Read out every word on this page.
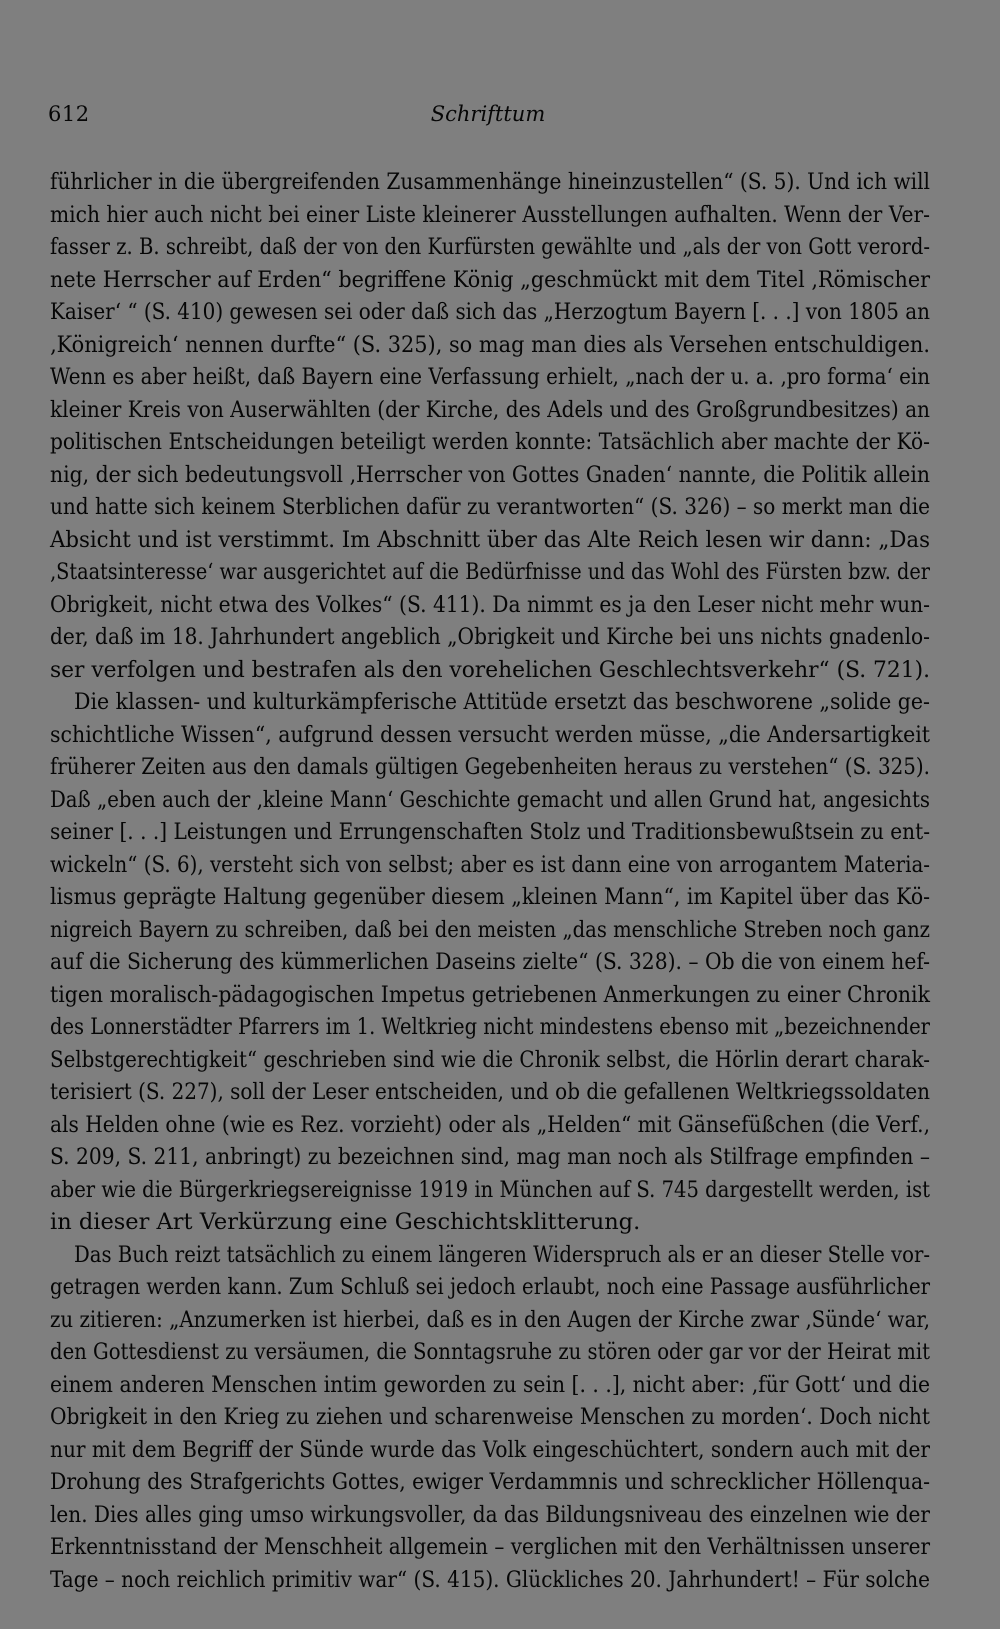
612	Schrifttum
führlicher in die übergreifenden Zusammenhänge hineinzustellen“ (S. 5). Und ich will
mich hier auch nicht bei einer Liste kleinerer Ausstellungen aufhalten. Wenn der Ver-
fasser z. B. schreibt, daß der von den Kurfürsten gewählte und „als der von Gott verord-
nete Herrscher auf Erden“ begriffene König „geschmückt mit dem Titel ‚Römischer
Kaiser‘ “ (S. 410) gewesen sei oder daß sich das „Herzogtum Bayern [. . .] von 1805 an
‚Königreich‘ nennen durfte“ (S. 325), so mag man dies als Versehen entschuldigen.
Wenn es aber heißt, daß Bayern eine Verfassung erhielt, „nach der u. a. ‚pro forma‘ ein
kleiner Kreis von Auserwählten (der Kirche, des Adels und des Großgrundbesitzes) an
politischen Entscheidungen beteiligt werden konnte: Tatsächlich aber machte der Kö-
nig, der sich bedeutungsvoll ‚Herrscher von Gottes Gnaden‘ nannte, die Politik allein
und hatte sich keinem Sterblichen dafür zu verantworten“ (S. 326) – so merkt man die
Absicht und ist verstimmt. Im Abschnitt über das Alte Reich lesen wir dann: „Das
‚Staatsinteresse‘ war ausgerichtet auf die Bedürfnisse und das Wohl des Fürsten bzw. der
Obrigkeit, nicht etwa des Volkes“ (S. 411). Da nimmt es ja den Leser nicht mehr wun-
der, daß im 18. Jahrhundert angeblich „Obrigkeit und Kirche bei uns nichts gnadenlo-
ser verfolgen und bestrafen als den vorehelichen Geschlechtsverkehr“ (S. 721).
Die klassen- und kulturkämpferische Attitüde ersetzt das beschworene „solide ge-
schichtliche Wissen“, aufgrund dessen versucht werden müsse, „die Andersartigkeit
früherer Zeiten aus den damals gültigen Gegebenheiten heraus zu verstehen“ (S. 325).
Daß „eben auch der ‚kleine Mann‘ Geschichte gemacht und allen Grund hat, angesichts
seiner [. . .] Leistungen und Errungenschaften Stolz und Traditionsbewußtsein zu ent-
wickeln“ (S. 6), versteht sich von selbst; aber es ist dann eine von arrogantem Materia-
lismus geprägte Haltung gegenüber diesem „kleinen Mann“, im Kapitel über das Kö-
nigreich Bayern zu schreiben, daß bei den meisten „das menschliche Streben noch ganz
auf die Sicherung des kümmerlichen Daseins zielte“ (S. 328). – Ob die von einem hef-
tigen moralisch-pädagogischen Impetus getriebenen Anmerkungen zu einer Chronik
des Lonnerstädter Pfarrers im 1. Weltkrieg nicht mindestens ebenso mit „bezeichnender
Selbstgerechtigkeit“ geschrieben sind wie die Chronik selbst, die Hörlin derart charak-
terisiert (S. 227), soll der Leser entscheiden, und ob die gefallenen Weltkriegssoldaten
als Helden ohne (wie es Rez. vorzieht) oder als „Helden“ mit Gänsefüßchen (die Verf.,
S. 209, S. 211, anbringt) zu bezeichnen sind, mag man noch als Stilfrage empfinden –
aber wie die Bürgerkriegsereignisse 1919 in München auf S. 745 dargestellt werden, ist
in dieser Art Verkürzung eine Geschichtsklitterung.
Das Buch reizt tatsächlich zu einem längeren Widerspruch als er an dieser Stelle vor-
getragen werden kann. Zum Schluß sei jedoch erlaubt, noch eine Passage ausführlicher
zu zitieren: „Anzumerken ist hierbei, daß es in den Augen der Kirche zwar ‚Sünde‘ war,
den Gottesdienst zu versäumen, die Sonntagsruhe zu stören oder gar vor der Heirat mit
einem anderen Menschen intim geworden zu sein [. . .], nicht aber: ‚für Gott‘ und die
Obrigkeit in den Krieg zu ziehen und scharenweise Menschen zu morden‘. Doch nicht
nur mit dem Begriff der Sünde wurde das Volk eingeschüchtert, sondern auch mit der
Drohung des Strafgerichts Gottes, ewiger Verdammnis und schrecklicher Höllenqua-
len. Dies alles ging umso wirkungsvoller, da das Bildungsniveau des einzelnen wie der
Erkenntnisstand der Menschheit allgemein – verglichen mit den Verhältnissen unserer
Tage – noch reichlich primitiv war“ (S. 415). Glückliches 20. Jahrhundert! – Für solche
